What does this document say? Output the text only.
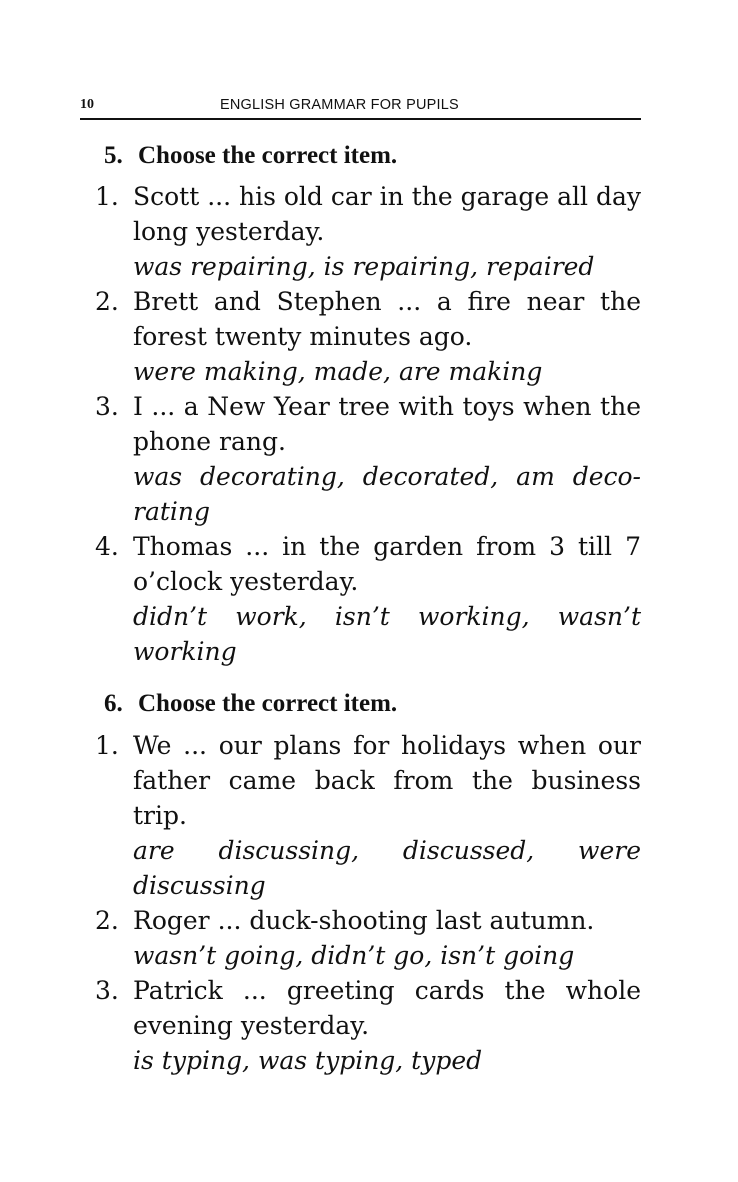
10	ENGLISH GRAMMAR FOR PUPILS
5. Choose the correct item.
1. Scott ... his old car in the garage all day long yesterday.
was repairing, is repairing, repaired
2. Brett and Stephen ... a fire near the forest twenty minutes ago.
were making, made, are making
3. I ... a New Year tree with toys when the phone rang.
was decorating, decorated, am decorating
4. Thomas ... in the garden from 3 till 7 o’clock yesterday.
didn’t work, isn’t working, wasn’t working
6. Choose the correct item.
1. We ... our plans for holidays when our father came back from the business trip.
are discussing, discussed, were discussing
2. Roger ... duck-shooting last autumn.
wasn’t going, didn’t go, isn’t going
3. Patrick ... greeting cards the whole evening yesterday.
is typing, was typing, typed
